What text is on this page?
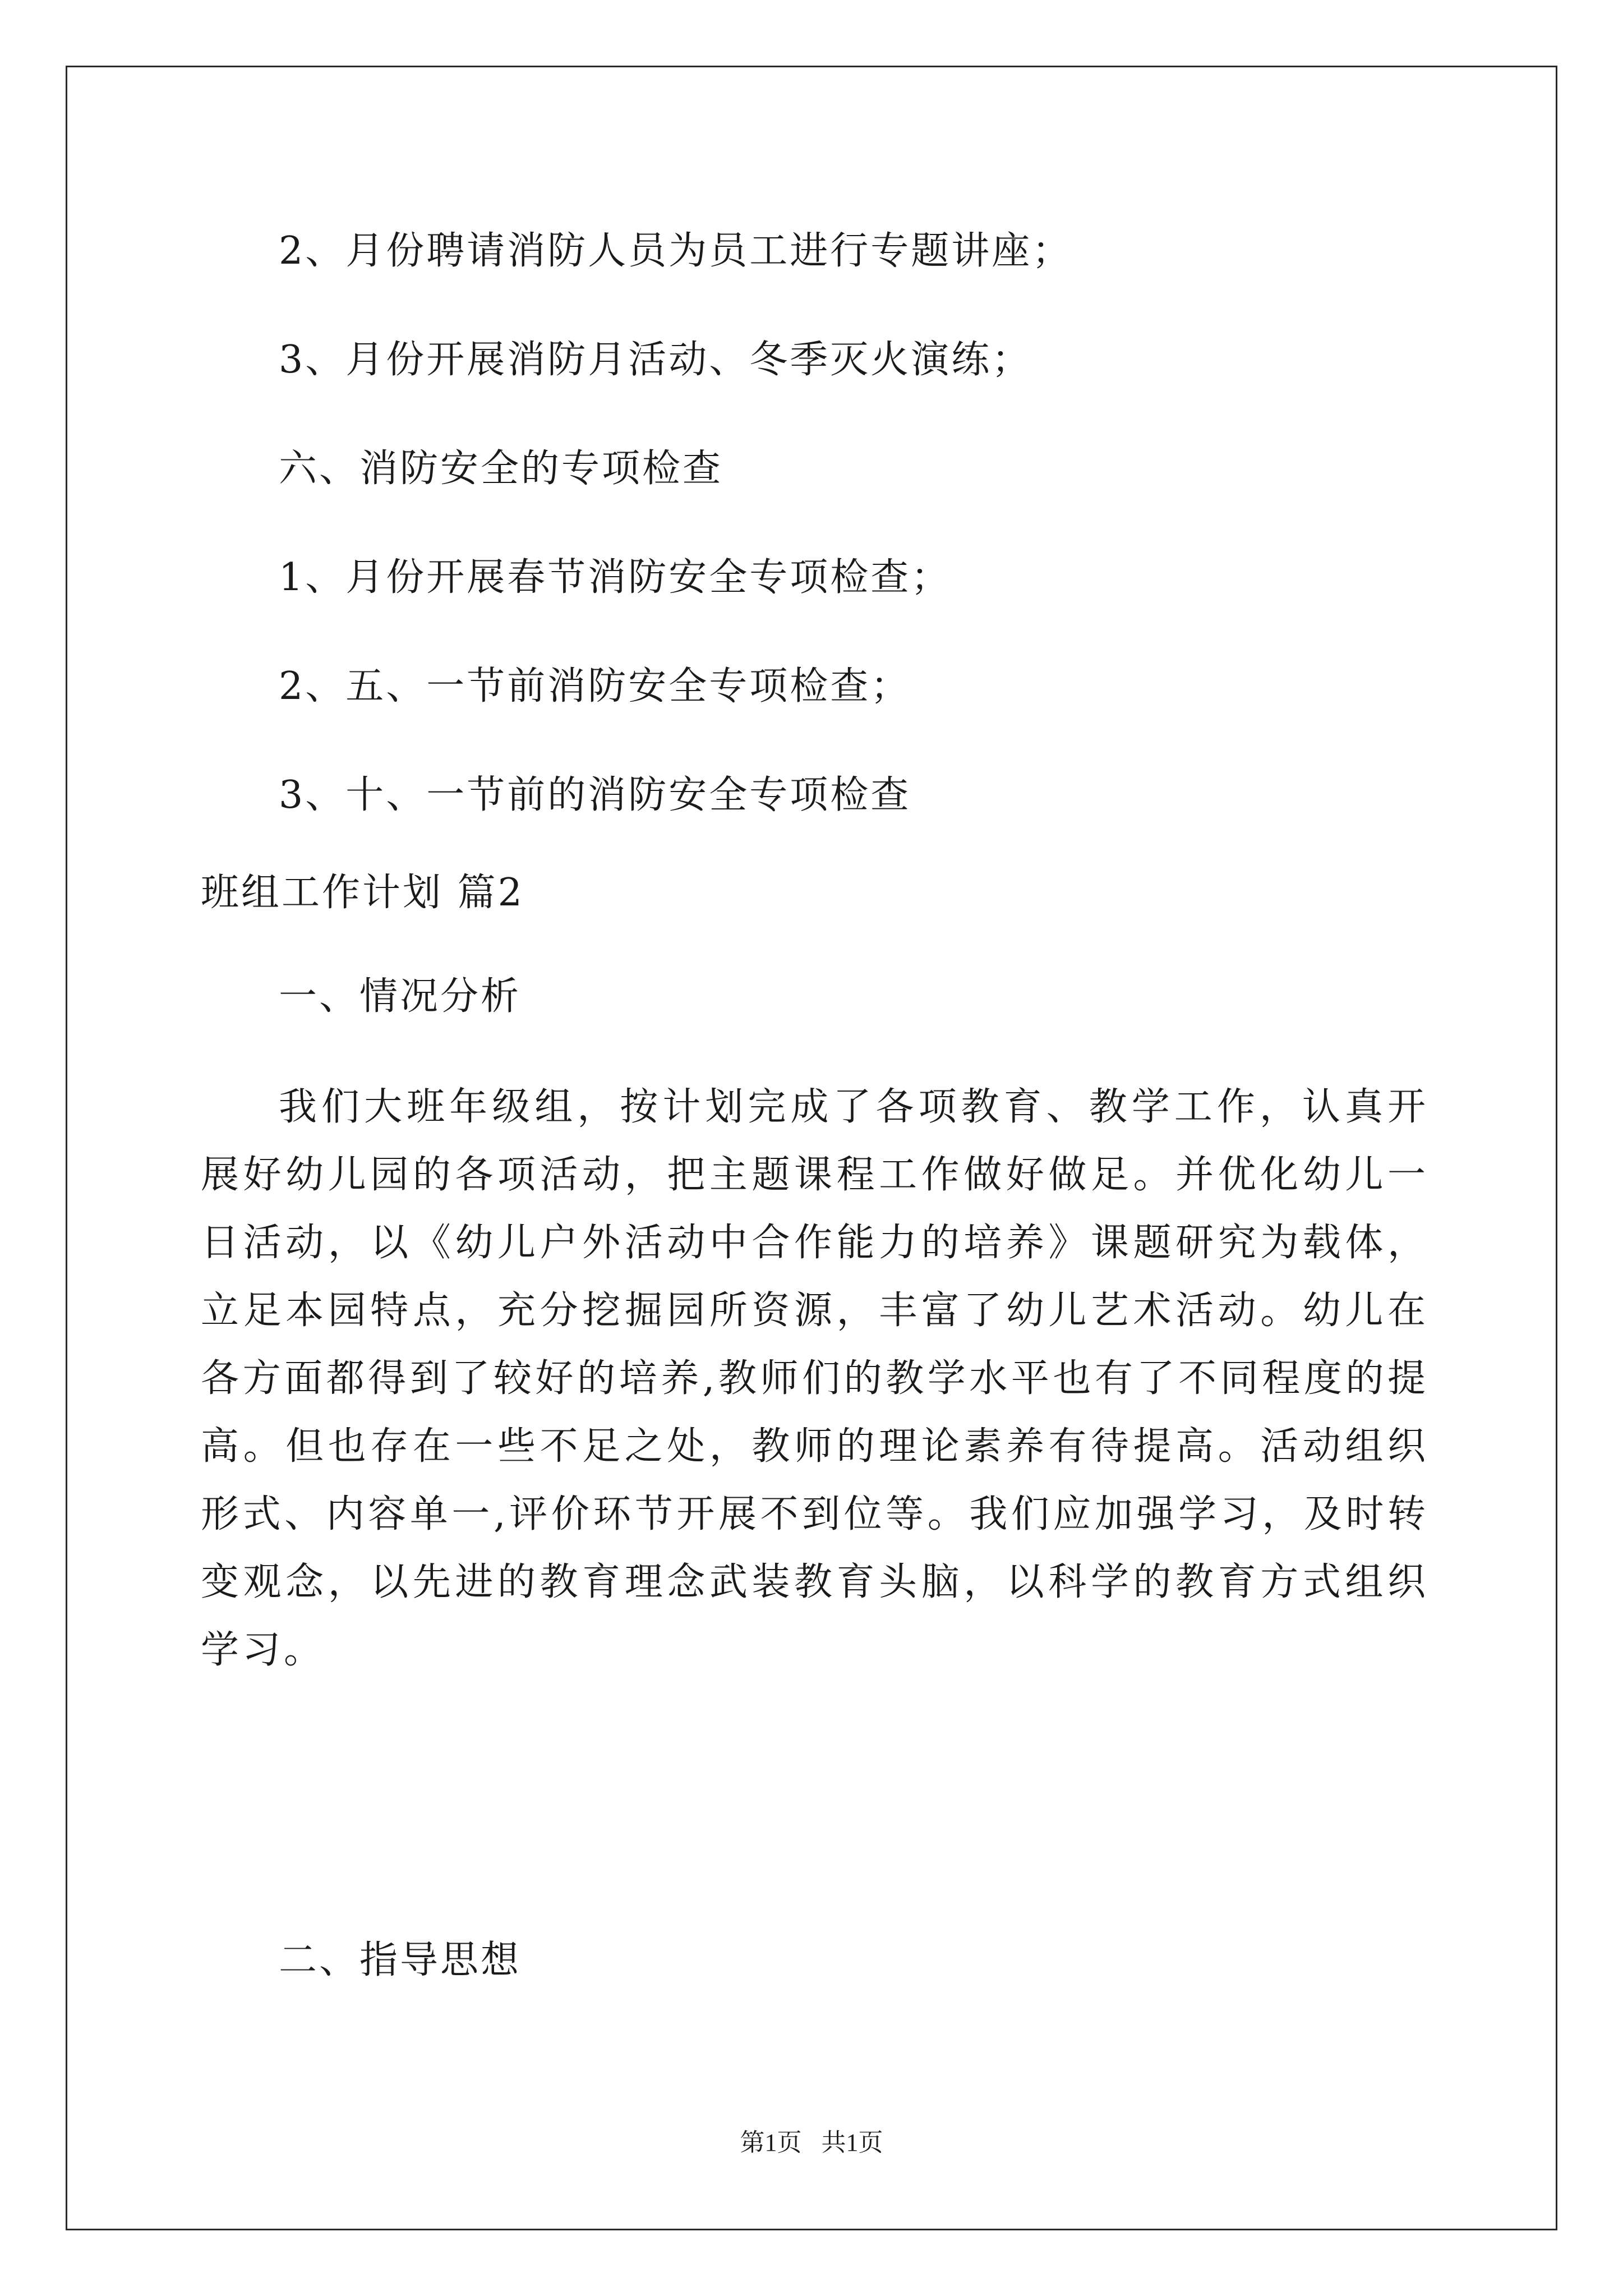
2、月份聘请消防人员为员工进行专题讲座；
3、月份开展消防月活动、冬季灭火演练；
六、消防安全的专项检查
1、月份开展春节消防安全专项检查；
2、五、一节前消防安全专项检查；
3、十、一节前的消防安全专项检查
班组工作计划 篇2
一、情况分析
我们大班年级组，按计划完成了各项教育、教学工作，认真开展好幼儿园的各项活动，把主题课程工作做好做足。并优化幼儿一日活动，以《幼儿户外活动中合作能力的培养》课题研究为载体，立足本园特点，充分挖掘园所资源，丰富了幼儿艺术活动。幼儿在各方面都得到了较好的培养,教师们的教学水平也有了不同程度的提高。但也存在一些不足之处，教师的理论素养有待提高。活动组织形式、内容单一,评价环节开展不到位等。我们应加强学习，及时转变观念，以先进的教育理念武装教育头脑，以科学的教育方式组织学习。
二、指导思想
第1页 共1页
